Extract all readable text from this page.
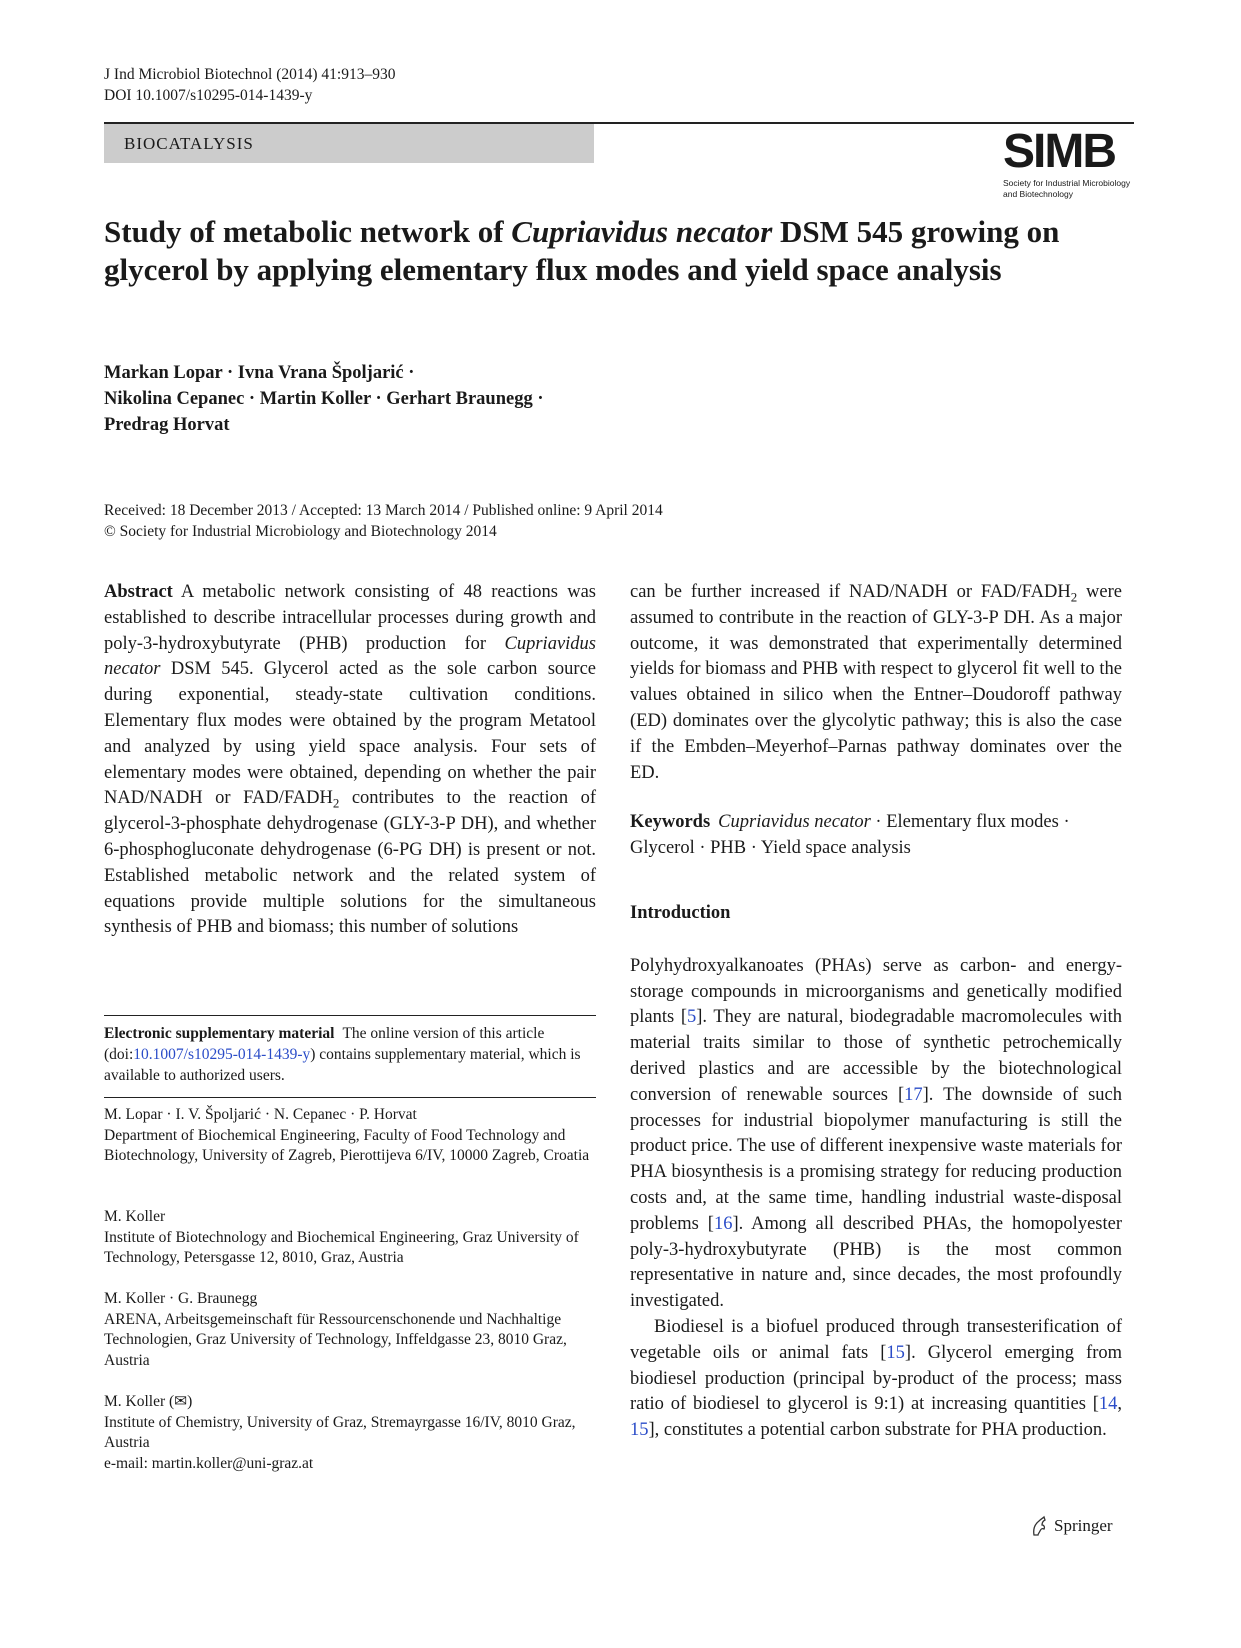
J Ind Microbiol Biotechnol (2014) 41:913–930
DOI 10.1007/s10295-014-1439-y
BIOCATALYSIS	SIMB
Society for Industrial Microbiology
and Biotechnology
Study of metabolic network of Cupriavidus necator DSM 545 growing on glycerol by applying elementary flux modes and yield space analysis
Markan Lopar · Ivna Vrana Špoljarić ·
Nikolina Cepanec · Martin Koller · Gerhart Braunegg ·
Predrag Horvat
Received: 18 December 2013 / Accepted: 13 March 2014 / Published online: 9 April 2014
© Society for Industrial Microbiology and Biotechnology 2014

Abstract A metabolic network consisting of 48 reactions was established to describe intracellular processes during growth and poly-3-hydroxybutyrate (PHB) production for Cupriavidus necator DSM 545. Glycerol acted as the sole carbon source during exponential, steady-state cultivation conditions. Elementary flux modes were obtained by the program Metatool and analyzed by using yield space analysis. Four sets of elementary modes were obtained, depending on whether the pair NAD/NADH or FAD/$FADH_2$ contributes to the reaction of glycerol-3-phosphate dehydrogenase (GLY-3-P DH), and whether 6-phosphogluconate dehydrogenase (6-PG DH) is present or not. Established metabolic network and the related system of equations provide multiple solutions for the simultaneous synthesis of PHB and biomass; this number of solutions

Electronic supplementary material The online version of this article (doi:10.1007/s10295-014-1439-y) contains supplementary material, which is available to authorized users.

M. Lopar · I. V. Špoljarić · N. Cepanec · P. Horvat

Department of Biochemical Engineering, Faculty of Food Technology and Biotechnology, University of Zagreb, Pierottijeva 6/IV, 10000 Zagreb, Croatia

M. Koller

Institute of Biotechnology and Biochemical Engineering, Graz University of Technology, Petersgasse 12, 8010, Graz, Austria

M. Koller · G. Braunegg

ARENA, Arbeitsgemeinschaft für Ressourcenschonende und Nachhaltige Technologien, Graz University of Technology, Inffeldgasse 23, 8010 Graz, Austria

M. Koller (✉)

Institute of Chemistry, University of Graz, Stremayrgasse 16/IV, 8010 Graz, Austria

e-mail: martin.koller@uni-graz.at

can be further increased if NAD/NADH or FAD/$FADH_2$ were assumed to contribute in the reaction of GLY-3-P DH. As a major outcome, it was demonstrated that experimentally determined yields for biomass and PHB with respect to glycerol fit well to the values obtained in silico when the Entner–Doudoroff pathway (ED) dominates over the glycolytic pathway; this is also the case if the Embden–Meyerhof–Parnas pathway dominates over the ED.

Keywords Cupriavidus necator · Elementary flux modes · Glycerol · PHB · Yield space analysis

Introduction

Polyhydroxyalkanoates (PHAs) serve as carbon- and energy-storage compounds in microorganisms and genetically modified plants [5]. They are natural, biodegradable macromolecules with material traits similar to those of synthetic petrochemically derived plastics and are accessible by the biotechnological conversion of renewable sources [17]. The downside of such processes for industrial biopolymer manufacturing is still the product price. The use of different inexpensive waste materials for PHA biosynthesis is a promising strategy for reducing production costs and, at the same time, handling industrial waste-disposal problems [16]. Among all described PHAs, the homopolyester poly-3-hydroxybutyrate (PHB) is the most common representative in nature and, since decades, the most profoundly investigated.

Biodiesel is a biofuel produced through transesterification of vegetable oils or animal fats [15]. Glycerol emerging from biodiesel production (principal by-product of the process; mass ratio of biodiesel to glycerol is 9:1) at increasing quantities [14, 15], constitutes a potential carbon substrate for PHA production.

Springer
